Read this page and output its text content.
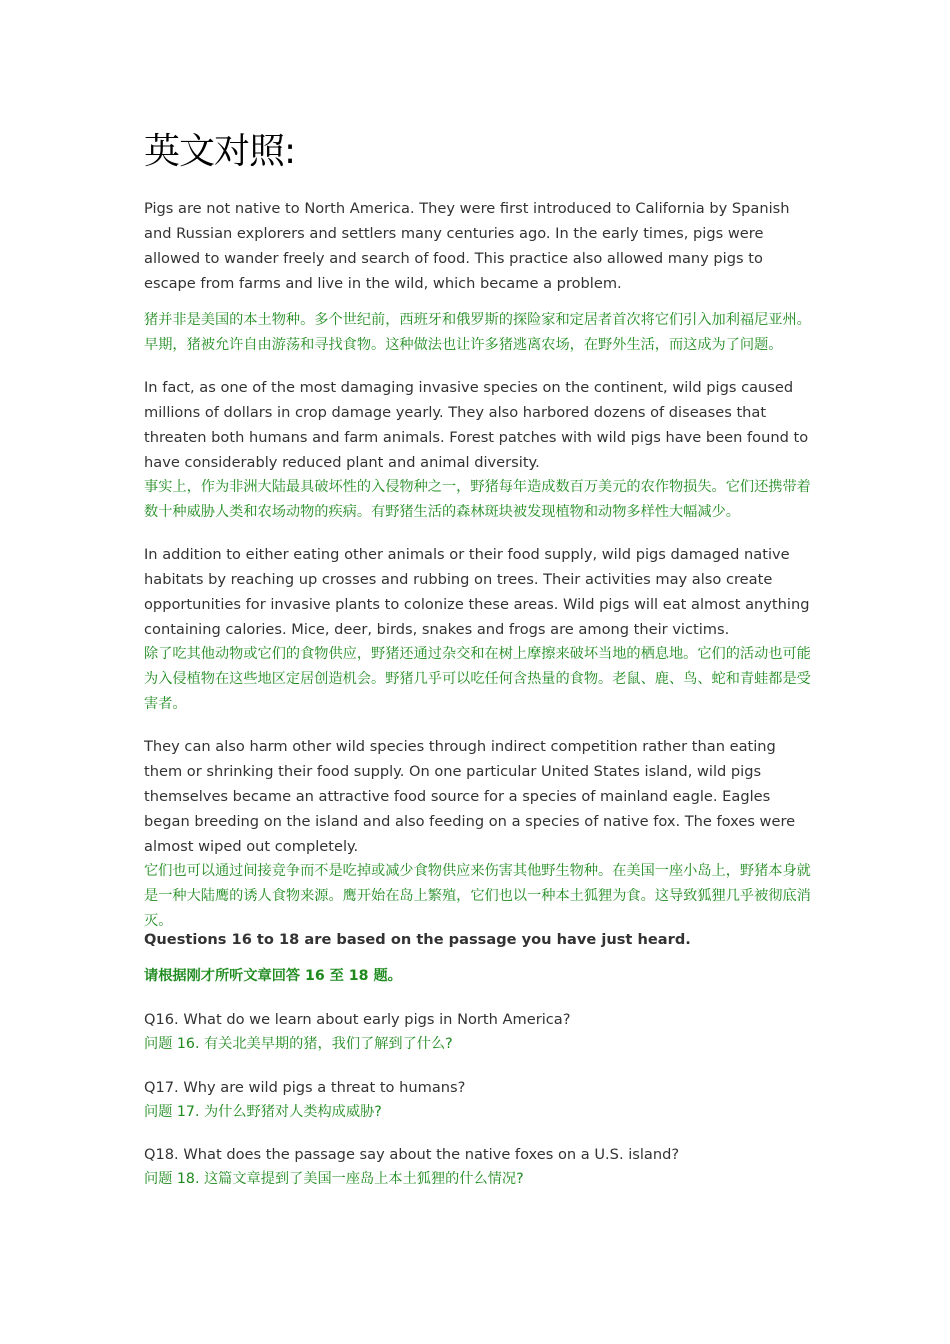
英文对照:

Pigs are not native to North America. They were first introduced to California by Spanish and Russian explorers and settlers many centuries ago. In the early times, pigs were allowed to wander freely and search of food. This practice also allowed many pigs to escape from farms and live in the wild, which became a problem.

猪并非是美国的本土物种。多个世纪前，西班牙和俄罗斯的探险家和定居者首次将它们引入加利福尼亚州。早期，猪被允许自由游荡和寻找食物。这种做法也让许多猪逃离农场，在野外生活，而这成为了问题。

In fact, as one of the most damaging invasive species on the continent, wild pigs caused millions of dollars in crop damage yearly. They also harbored dozens of diseases that threaten both humans and farm animals. Forest patches with wild pigs have been found to have considerably reduced plant and animal diversity.

事实上，作为非洲大陆最具破坏性的入侵物种之一，野猪每年造成数百万美元的农作物损失。它们还携带着数十种威胁人类和农场动物的疾病。有野猪生活的森林斑块被发现植物和动物多样性大幅减少。

In addition to either eating other animals or their food supply, wild pigs damaged native habitats by reaching up crosses and rubbing on trees. Their activities may also create opportunities for invasive plants to colonize these areas. Wild pigs will eat almost anything containing calories. Mice, deer, birds, snakes and frogs are among their victims.

除了吃其他动物或它们的食物供应，野猪还通过杂交和在树上摩擦来破坏当地的栖息地。它们的活动也可能为入侵植物在这些地区定居创造机会。野猪几乎可以吃任何含热量的食物。老鼠、鹿、鸟、蛇和青蛙都是受害者。

They can also harm other wild species through indirect competition rather than eating them or shrinking their food supply. On one particular United States island, wild pigs themselves became an attractive food source for a species of mainland eagle. Eagles began breeding on the island and also feeding on a species of native fox. The foxes were almost wiped out completely.

它们也可以通过间接竞争而不是吃掉或减少食物供应来伤害其他野生物种。在美国一座小岛上，野猪本身就是一种大陆鹰的诱人食物来源。鹰开始在岛上繁殖，它们也以一种本土狐狸为食。这导致狐狸几乎被彻底消灭。

Questions 16 to 18 are based on the passage you have just heard.

请根据刚才所听文章回答 16 至 18 题。

Q16. What do we learn about early pigs in North America?

问题 16. 有关北美早期的猪，我们了解到了什么?

Q17. Why are wild pigs a threat to humans?

问题 17. 为什么野猪对人类构成威胁?

Q18. What does the passage say about the native foxes on a U.S. island?

问题 18. 这篇文章提到了美国一座岛上本土狐狸的什么情况?
